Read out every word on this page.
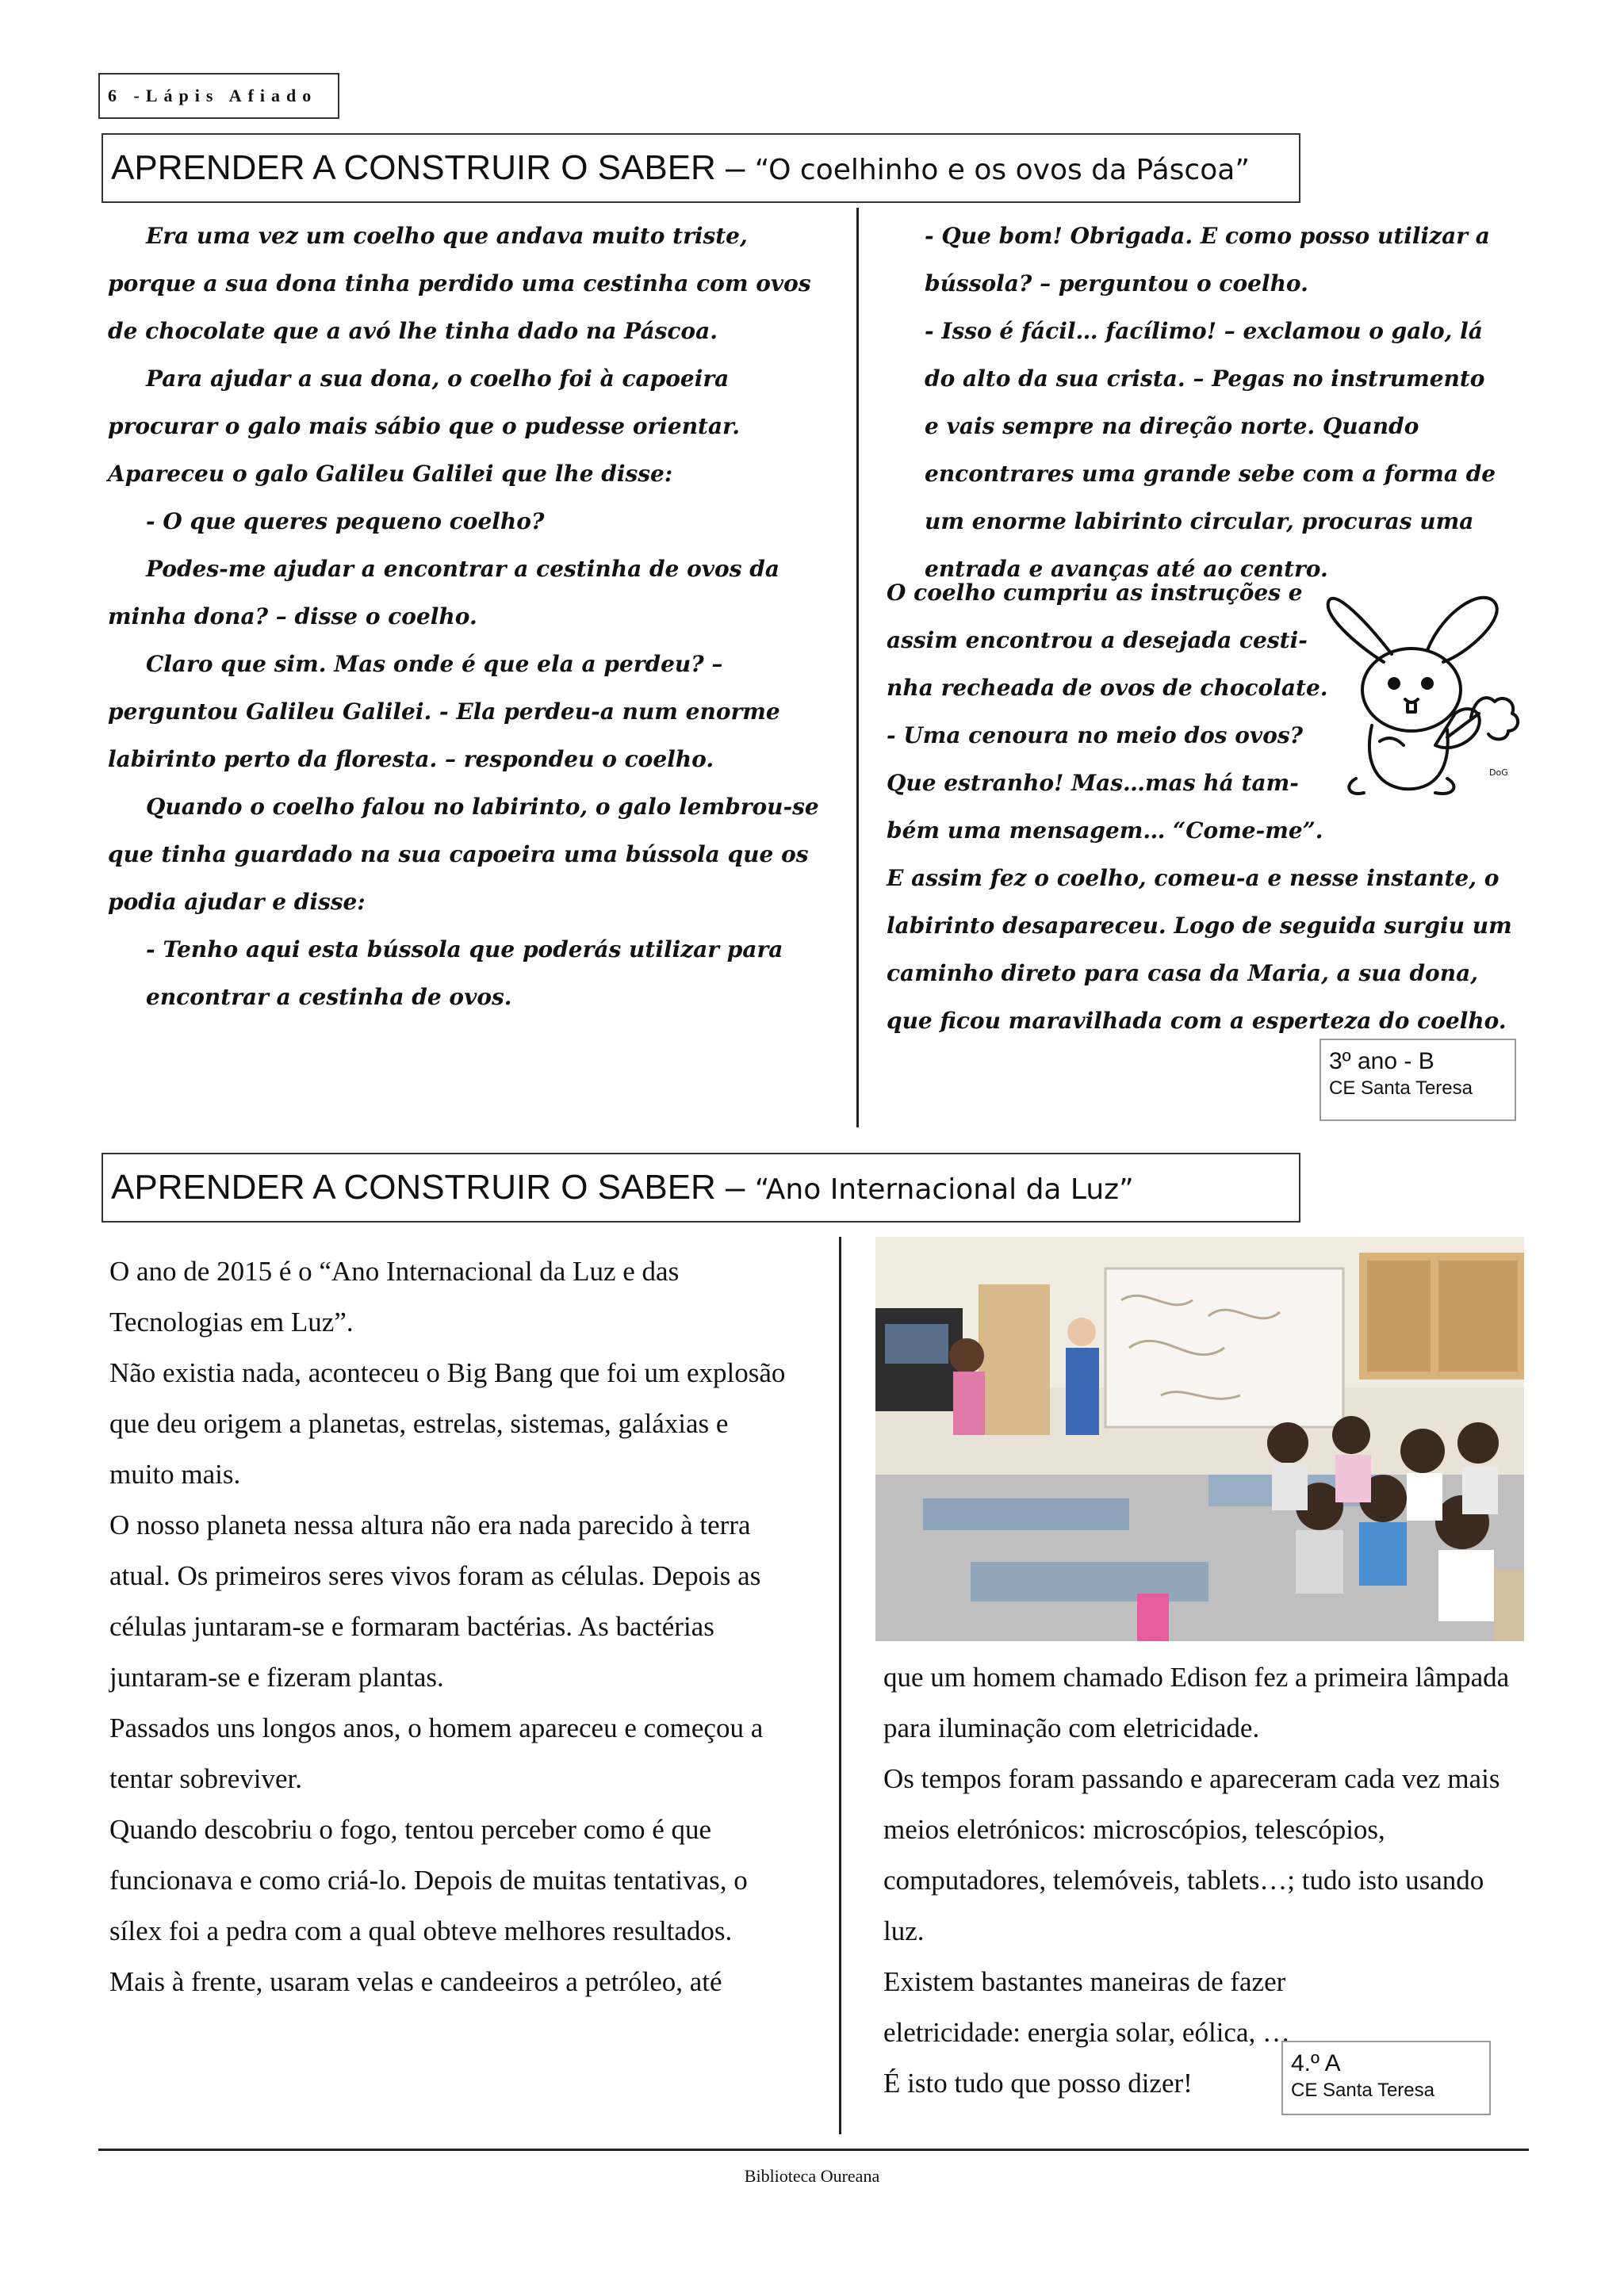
6 -Lápis Afiado
APRENDER A CONSTRUIR O SABER – “O coelhinho e os ovos da Páscoa”

Era uma vez um coelho que andava muito triste, porque a sua dona tinha perdido uma cestinha com ovos de chocolate que a avó lhe tinha dado na Páscoa.

Para ajudar a sua dona, o coelho foi à capoeira procurar o galo mais sábio que o pudesse orientar. Apareceu o galo Galileu Galilei que lhe disse:

- O que queres pequeno coelho?

Podes-me ajudar a encontrar a cestinha de ovos da minha dona? – disse o coelho.

Claro que sim. Mas onde é que ela a perdeu? – perguntou Galileu Galilei. - Ela perdeu-a num enorme labirinto perto da floresta. – respondeu o coelho.

Quando o coelho falou no labirinto, o galo lembrou-se que tinha guardado na sua capoeira uma bússola que os podia ajudar e disse:

- Tenho aqui esta bússola que poderás utilizar para encontrar a cestinha de ovos.

- Que bom! Obrigada. E como posso utilizar a bússola? – perguntou o coelho.

- Isso é fácil… facílimo! – exclamou o galo, lá do alto da sua crista. – Pegas no instrumento e vais sempre na direção norte. Quando encontrares uma grande sebe com a forma de um enorme labirinto circular, procuras uma entrada e avanças até ao centro.

O coelho cumpriu as instruções e

assim encontrou a desejada cesti-

nha recheada de ovos de chocolate.

- Uma cenoura no meio dos ovos?

Que estranho! Mas…mas há tam-

bém uma mensagem… “Come-me”.

E assim fez o coelho, comeu-a e nesse instante, o labirinto desapareceu. Logo de seguida surgiu um caminho direto para casa da Maria, a sua dona, que ficou maravilhada com a esperteza do coelho.

DoG
3º ano - B
CE Santa Teresa
APRENDER A CONSTRUIR O SABER – “Ano Internacional da Luz”

O ano de 2015 é o “Ano Internacional da Luz e das Tecnologias em Luz”.

Não existia nada, aconteceu o Big Bang que foi um explosão que deu origem a planetas, estrelas, sistemas, galáxias e muito mais.

O nosso planeta nessa altura não era nada parecido à terra atual. Os primeiros seres vivos foram as células. Depois as células juntaram-se e formaram bactérias. As bactérias juntaram-se e fizeram plantas.

Passados uns longos anos, o homem apareceu e começou a tentar sobreviver.

Quando descobriu o fogo, tentou perceber como é que funcionava e como criá-lo. Depois de muitas tentativas, o sílex foi a pedra com a qual obteve melhores resultados.

Mais à frente, usaram velas e candeeiros a petróleo, até

que um homem chamado Edison fez a primeira lâmpada para iluminação com eletricidade.

Os tempos foram passando e apareceram cada vez mais meios eletrónicos: microscópios, telescópios, computadores, telemóveis, tablets…; tudo isto usando luz.

Existem bastantes maneiras de fazer eletricidade: energia solar, eólica, …

É isto tudo que posso dizer!

4.º A
CE Santa Teresa
Biblioteca Oureana
